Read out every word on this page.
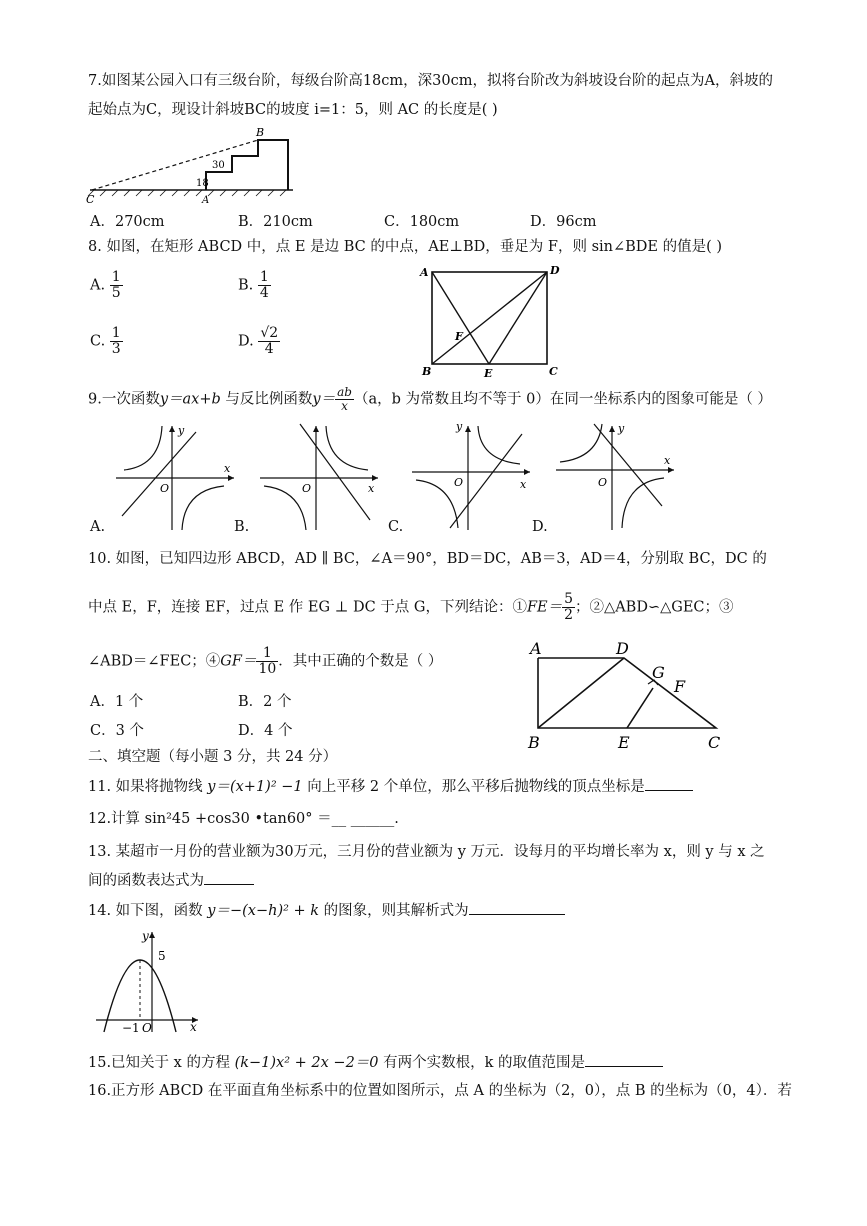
7.如图某公园入口有三级台阶，每级台阶高18cm，深30cm，拟将台阶改为斜坡设台阶的起点为A，斜坡的
起始点为C，现设计斜坡BC的坡度 i=1：5，则 AC 的长度是( )
B
C	A
30
18
A．270cm	B．210cm	C．180cm	D．96cm
8. 如图，在矩形 ABCD 中，点 E 是边 BC 的中点，AE⊥BD，垂足为 F，则 sin∠BDE 的值是( )
A. $\frac{1}{5}$	B. $\frac{1}{4}$
C. $\frac{1}{3}$	D. $\frac{√2}{4}$
A	D
B	C
E
F
9.一次函数y＝ax+b 与反比例函数$y= \frac{ab}{x} (a$，b 为常数且均不等于 0）在同一坐标系内的图象可能是（ ）
y
x
O	x
O
y
x
O
y
x
O
A.	B.	C.	D.
10. 如图，已知四边形 ABCD，AD ∥ BC，∠A＝90°，BD＝DC，AB＝3，AD＝4，分别取 BC，DC 的
中点 E，F，连接 EF，过点 E 作 EG ⊥ DC 于点 G，下列结论：①FE＝ $\frac{5}{2}$ ；②△ABD∽△GEC；③
∠ABD＝∠FEC；④GF＝ $\frac{1}{10}$ ．其中正确的个数是（ ）
A．1 个	B．2 个
C．3 个	D．4 个
A	D
B	E	C
G
F
二、填空题（每小题 3 分，共 24 分）
11. 如果将抛物线 y＝(x+1)² −1 向上平移 2 个单位，那么平移后抛物线的顶点坐标是
12.计算 sin²45 +cos30 •tan60° ＝__ ______.
13. 某超市一月份的营业额为30万元，三月份的营业额为 y 万元．设每月的平均增长率为 x，则 y 与 x 之
间的函数表达式为
14. 如下图，函数 y＝−(x−h)² + k 的图象，则其解析式为
y
x
O
−1
5
15.已知关于 x 的方程 (k−1)x² + 2x −2＝0 有两个实数根，k 的取值范围是
16.正方形 ABCD 在平面直角坐标系中的位置如图所示，点 A 的坐标为（2，0），点 B 的坐标为（0，4）．若
